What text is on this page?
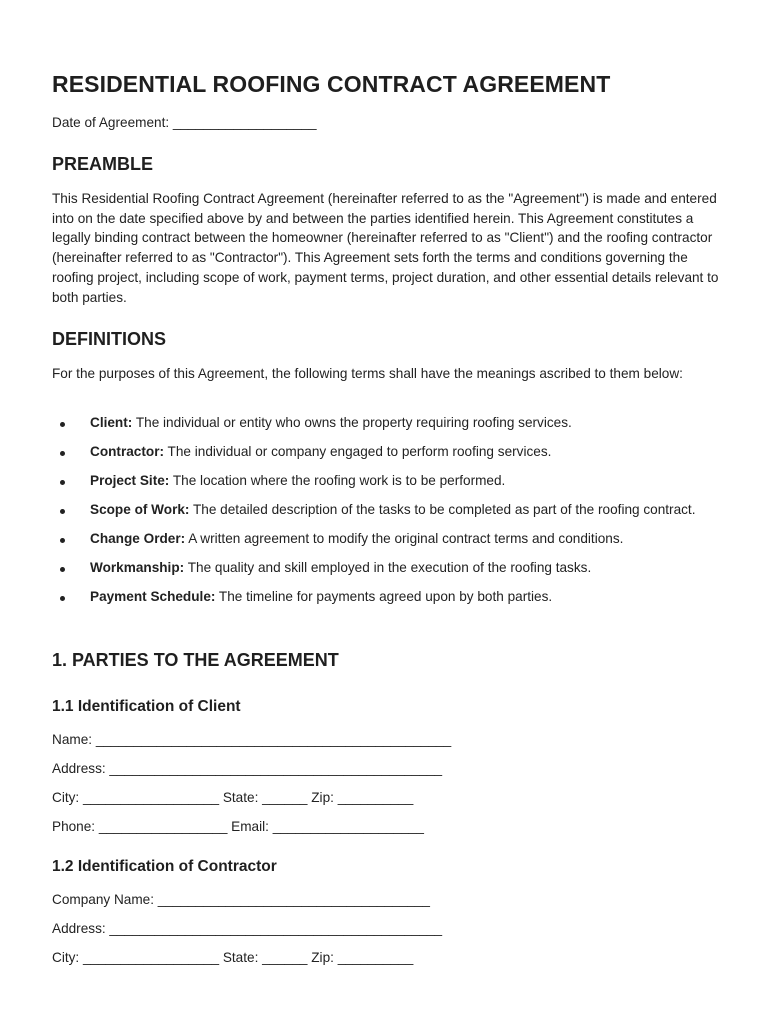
RESIDENTIAL ROOFING CONTRACT AGREEMENT
Date of Agreement: ___________________
PREAMBLE

This Residential Roofing Contract Agreement (hereinafter referred to as the "Agreement") is made and entered into on the date specified above by and between the parties identified herein. This Agreement constitutes a legally binding contract between the homeowner (hereinafter referred to as "Client") and the roofing contractor (hereinafter referred to as "Contractor"). This Agreement sets forth the terms and conditions governing the roofing project, including scope of work, payment terms, project duration, and other essential details relevant to both parties.

DEFINITIONS

For the purposes of this Agreement, the following terms shall have the meanings ascribed to them below:

Client: The individual or entity who owns the property requiring roofing services.
Contractor: The individual or company engaged to perform roofing services.
Project Site: The location where the roofing work is to be performed.
Scope of Work: The detailed description of the tasks to be completed as part of the roofing contract.
Change Order: A written agreement to modify the original contract terms and conditions.
Workmanship: The quality and skill employed in the execution of the roofing tasks.
Payment Schedule: The timeline for payments agreed upon by both parties.
1. PARTIES TO THE AGREEMENT
1.1 Identification of Client
Name: _______________________________________________
Address: ____________________________________________
City: __________________ State: ______ Zip: __________
Phone: _________________ Email: ____________________
1.2 Identification of Contractor
Company Name: ____________________________________
Address: ____________________________________________
City: __________________ State: ______ Zip: __________
